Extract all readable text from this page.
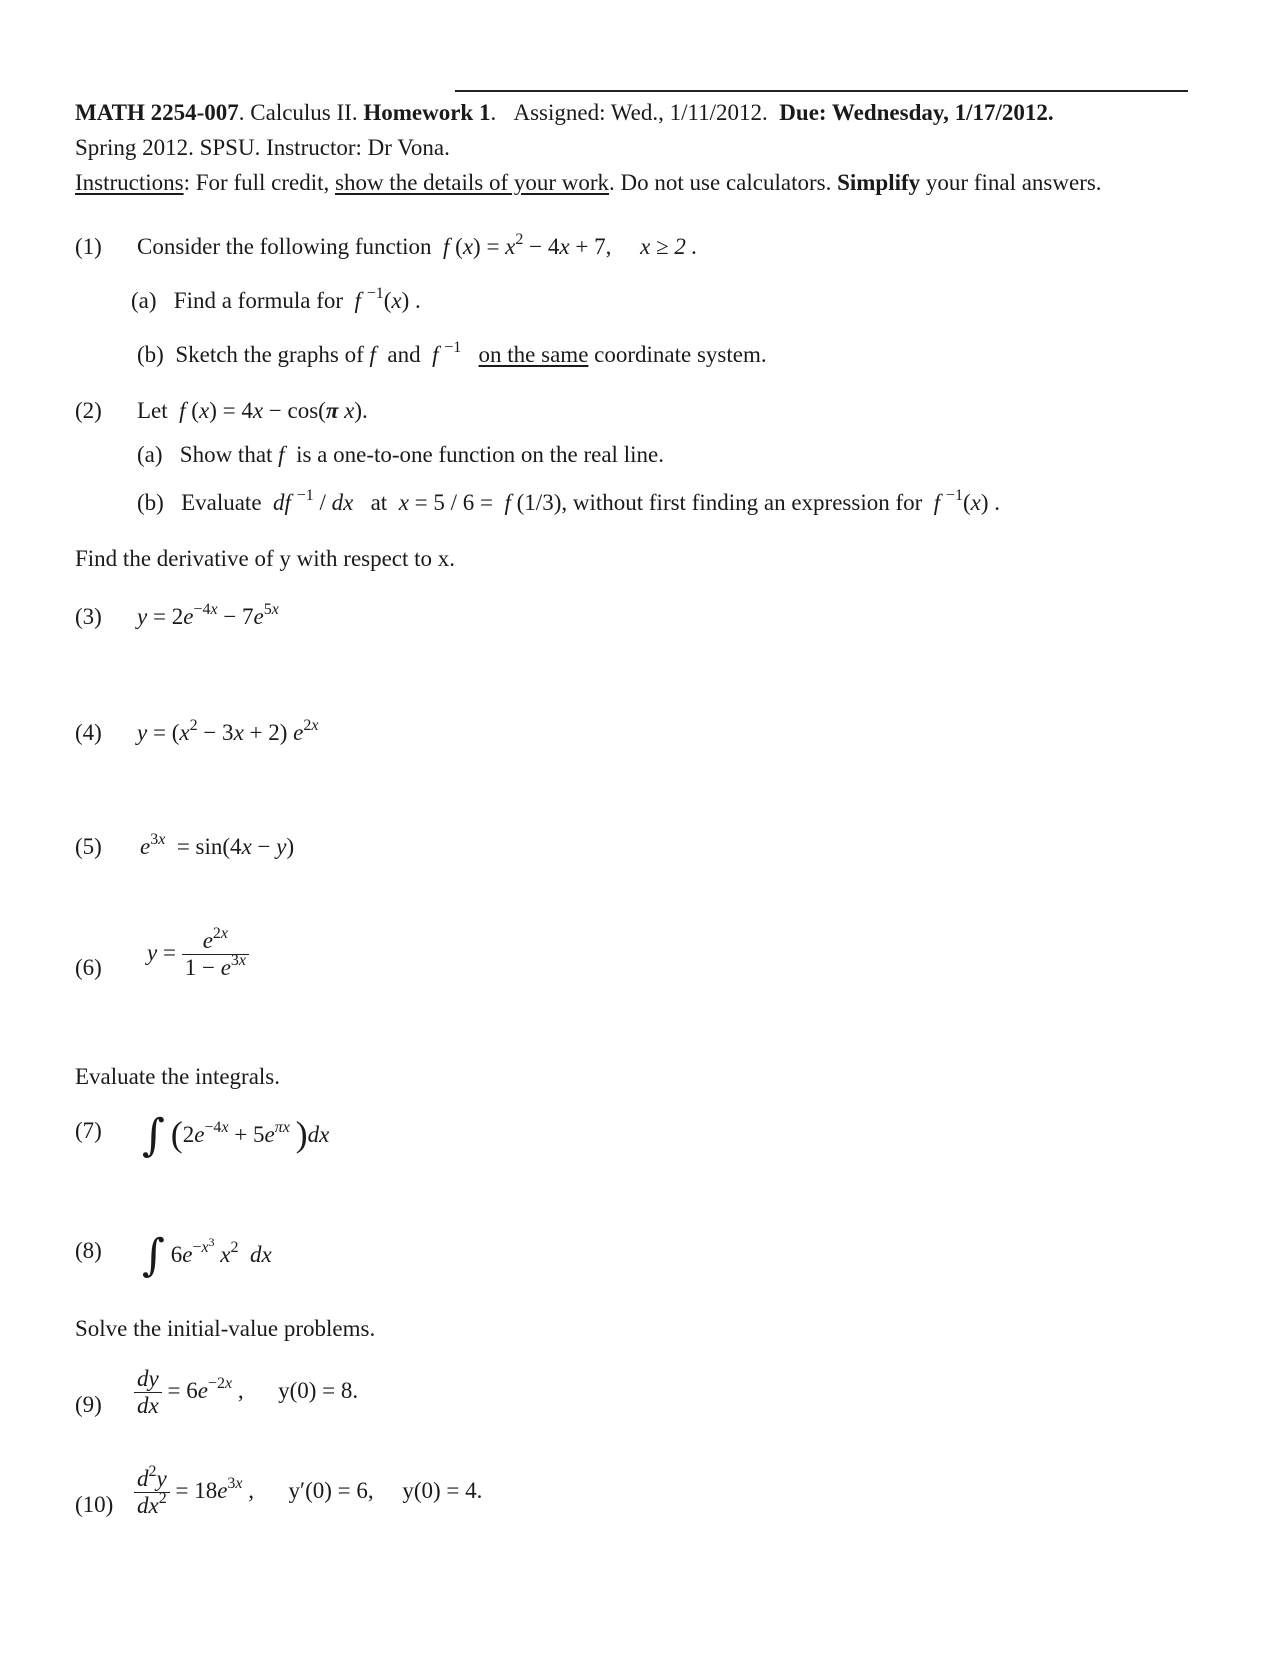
MATH 2254-007. Calculus II. Homework 1.   Assigned: Wed., 1/11/2012. Due: Wednesday, 1/17/2012.
Spring 2012. SPSU. Instructor: Dr Vona.
Instructions: For full credit, show the details of your work. Do not use calculators. Simplify your final answers.
(1) Consider the following function f $(x) = x^2 - 4x + 7$, x ≥ 2 .
(a) Find a formula for f $^{-1}$(x) .
(b) Sketch the graphs of f and f $^{-1}$ on the same coordinate system.
(2) Let f (x) = 4x − cos(π x).
(a) Show that f is a one-to-one function on the real line.
(b) Evaluate df $^{-1}$ / dx at x = 5 / 6 =  f (1/3), without first finding an expression for f $^{-1}$(x) .
Find the derivative of y with respect to x.
(3) $y = 2e^{-4x} - 7e^{5x}$
(4) $y = (x^2 - 3x + 2)$ $e^{2x}$
(5) $e^{3x} = \sin(4x - y)$
(6)
$y = \frac{e^{2x}}{1 - e^{3x}}$
Evaluate the integrals.
(7) ∫ ($2e^{-4x} + 5e^{\pi x}$ )dx
(8) ∫ $6e^{-x^3}$ $x^2$ dx
Solve the initial-value problems.
$(9) \frac{dy}{dx} = 6e^{-2x}$ ,      y(0) = 8.
$(10) \frac{d^2y}{dx^2} = 18e^{3x}$ ,      y′(0) = 6, y(0) = 4.
